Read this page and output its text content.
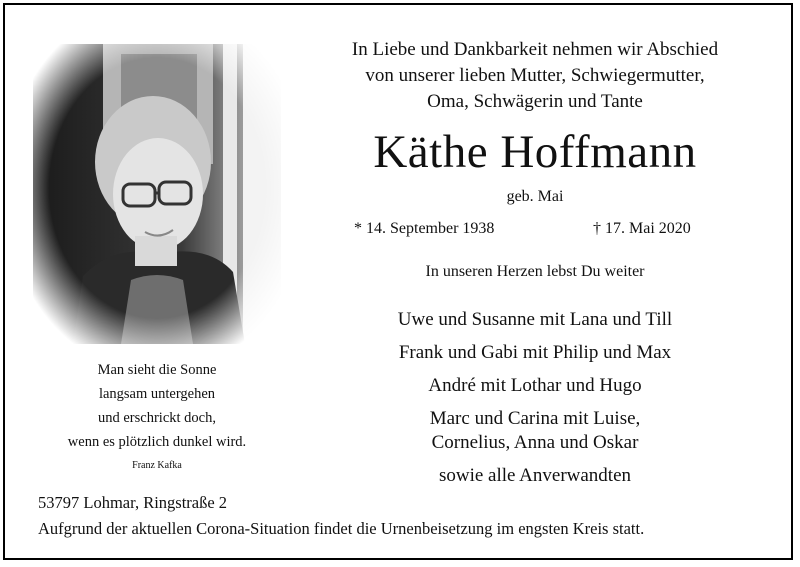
In Liebe und Dankbarkeit nehmen wir Abschied
von unserer lieben Mutter, Schwiegermutter,
Oma, Schwägerin und Tante
Käthe Hoffmann
geb. Mai
* 14. September 1938	† 17. Mai 2020
In unseren Herzen lebst Du weiter
Uwe und Susanne mit Lana und Till
Frank und Gabi mit Philip und Max
André mit Lothar und Hugo
Marc und Carina mit Luise,
Cornelius, Anna und Oskar
sowie alle Anverwandten
Man sieht die Sonne
langsam untergehen
und erschrickt doch,
wenn es plötzlich dunkel wird.
Franz Kafka
53797 Lohmar, Ringstraße 2
Aufgrund der aktuellen Corona-Situation findet die Urnenbeisetzung im engsten Kreis statt.
